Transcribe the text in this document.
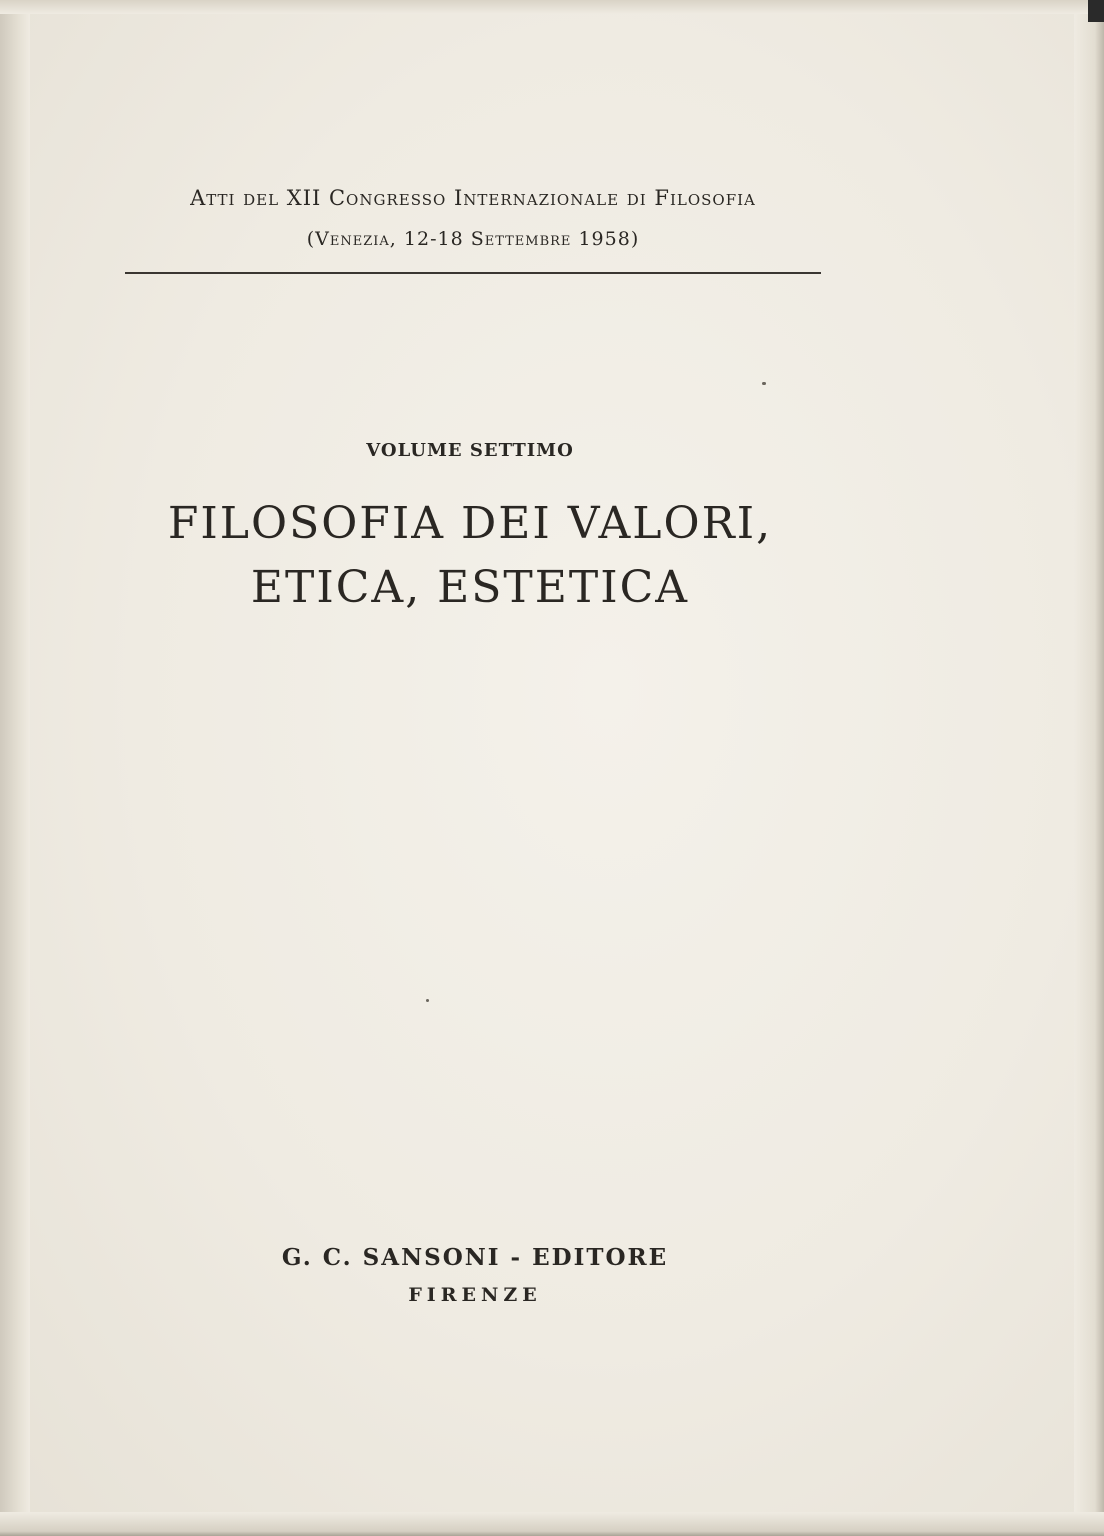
Atti del XII Congresso Internazionale di Filosofia
(Venezia, 12-18 Settembre 1958)
VOLUME SETTIMO
FILOSOFIA DEI VALORI,
ETICA, ESTETICA
G. C. SANSONI - EDITORE
FIRENZE
